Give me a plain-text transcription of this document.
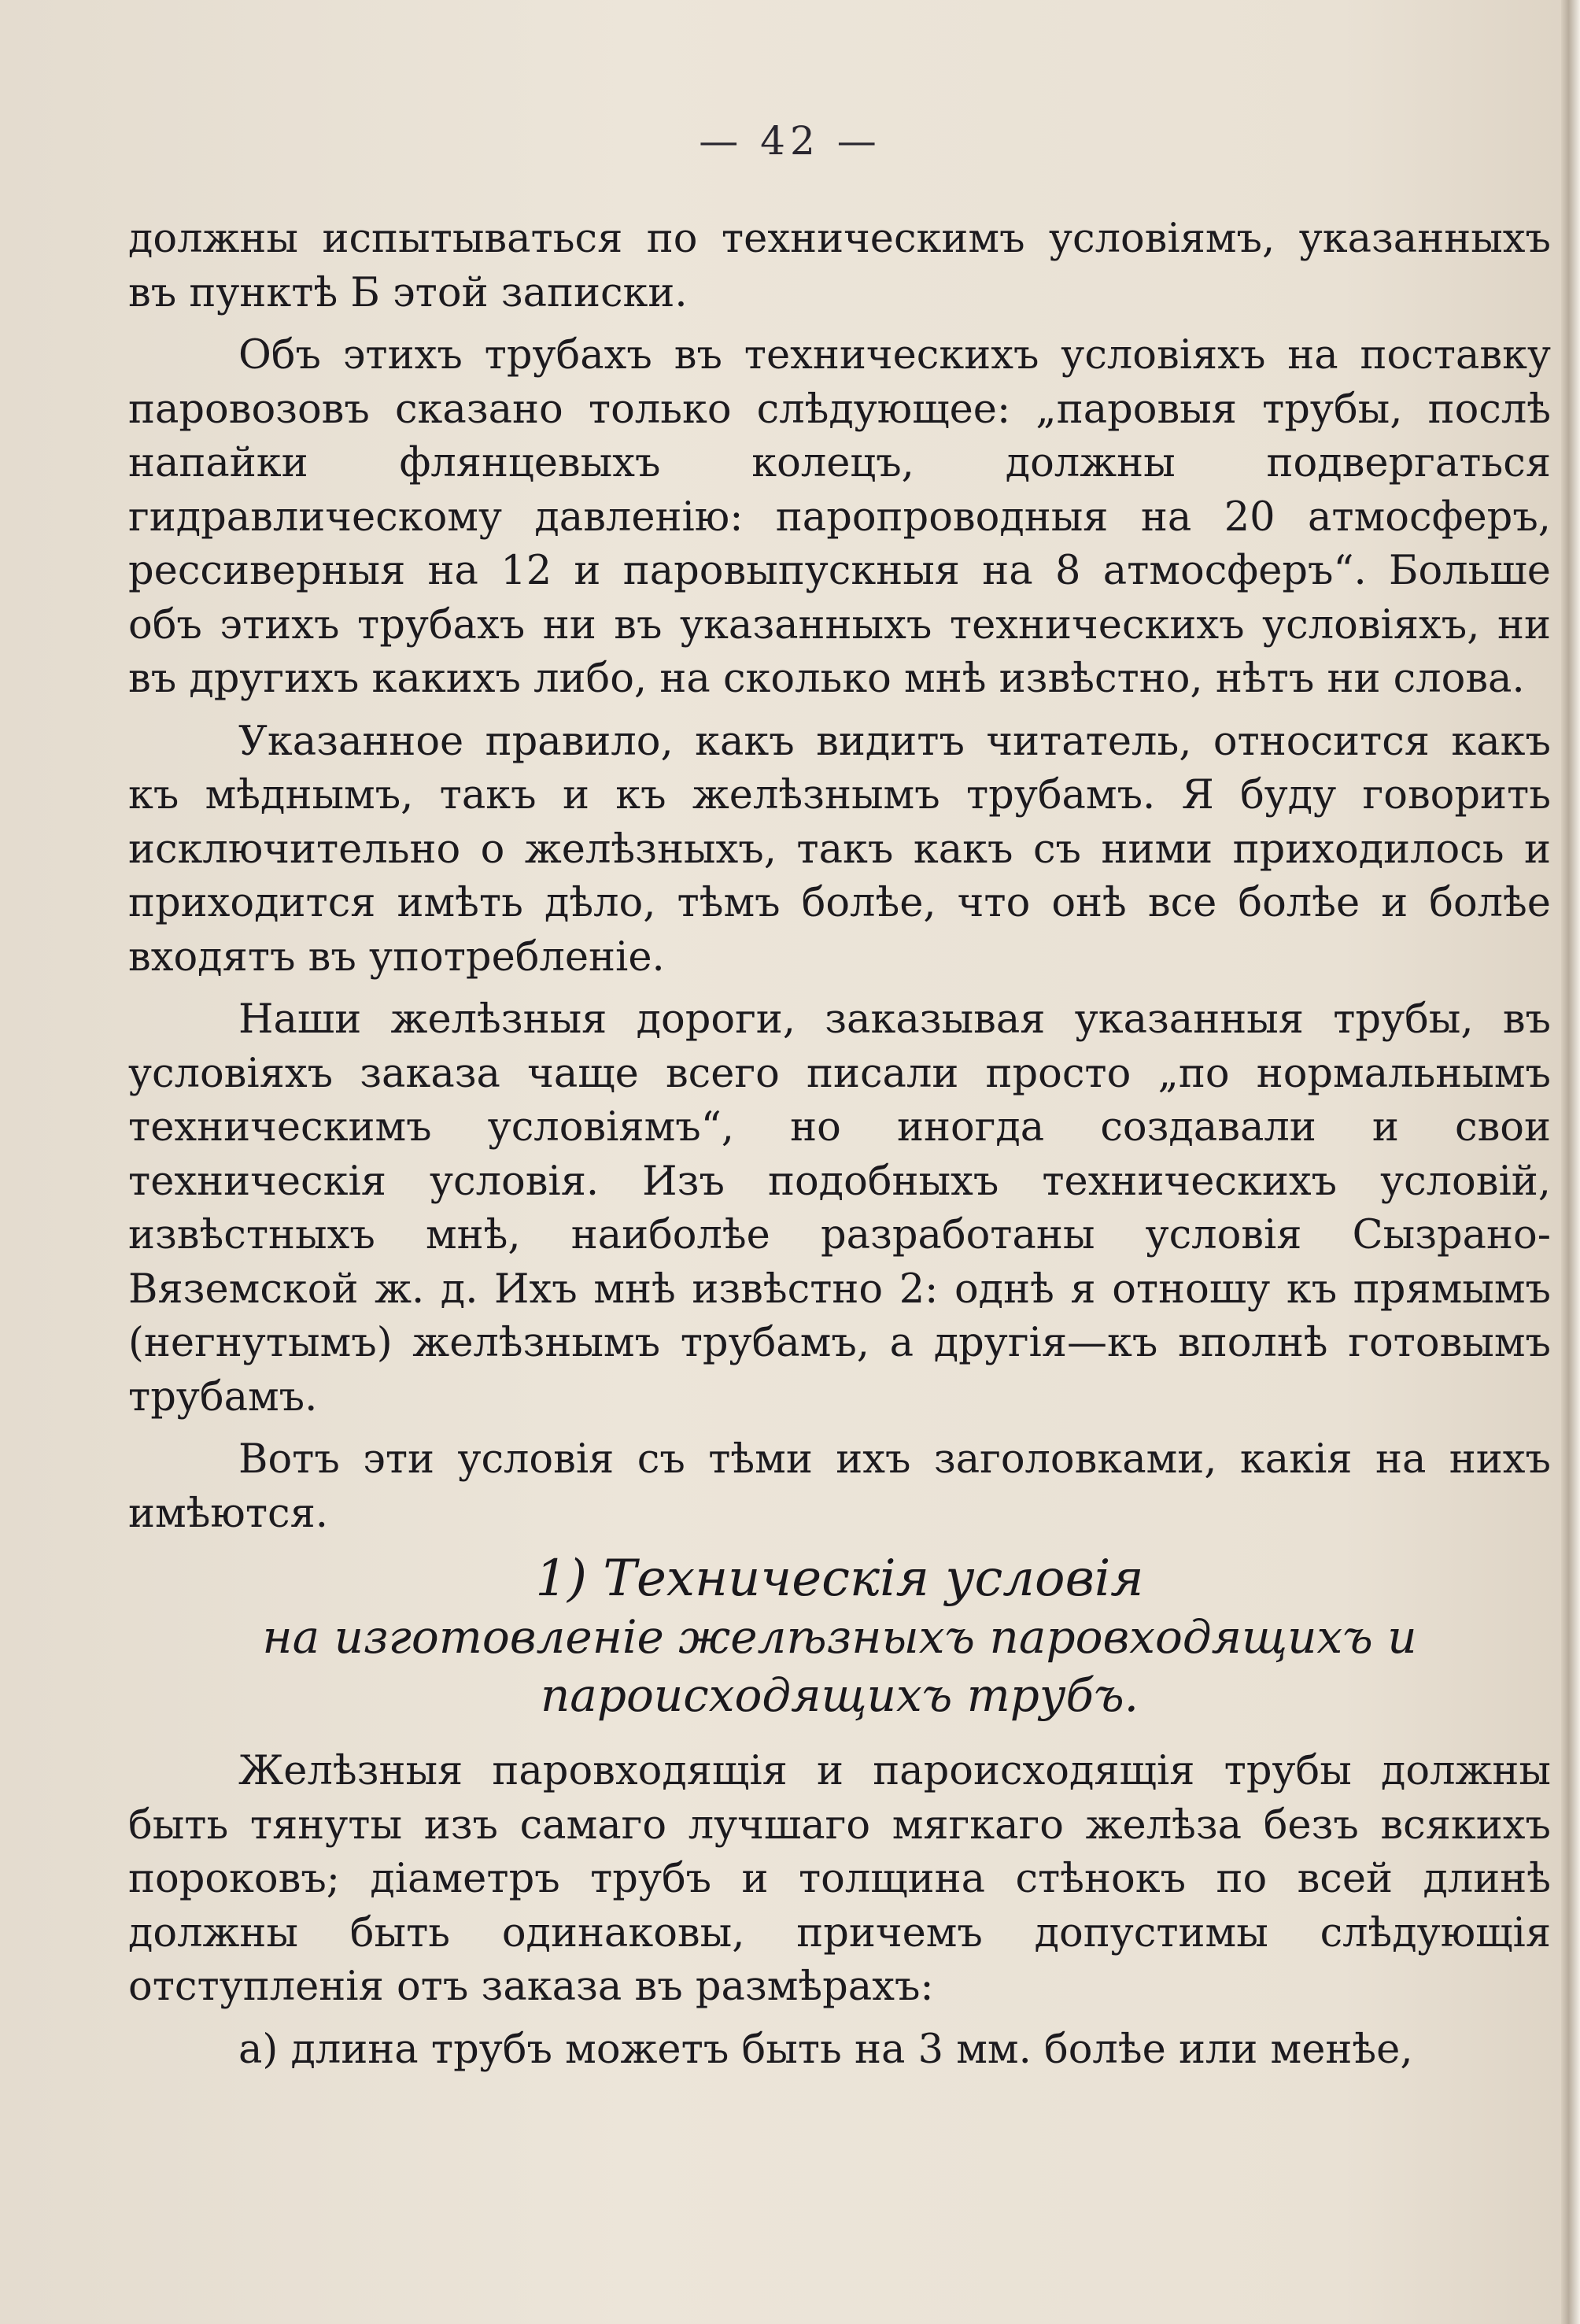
— 42 —

должны испытываться по техническимъ условіямъ, указанныхъ въ пунктѣ Б этой записки.

Объ этихъ трубахъ въ техническихъ условіяхъ на поставку паровозовъ сказано только слѣдующее: „паровыя трубы, послѣ напайки флянцевыхъ колецъ, должны подвергаться гидравлическому давленію: паропроводныя на 20 атмосферъ, рессиверныя на 12 и паровыпускныя на 8 атмосферъ“. Больше объ этихъ трубахъ ни въ указанныхъ техническихъ условіяхъ, ни въ другихъ какихъ либо, на сколько мнѣ извѣстно, нѣтъ ни слова.

Указанное правило, какъ видитъ читатель, относится какъ къ мѣднымъ, такъ и къ желѣзнымъ трубамъ. Я буду говорить исключительно о желѣзныхъ, такъ какъ съ ними приходилось и приходится имѣть дѣло, тѣмъ болѣе, что онѣ все болѣе и болѣе входятъ въ употребленіе.

Наши желѣзныя дороги, заказывая указанныя трубы, въ условіяхъ заказа чаще всего писали просто „по нормальнымъ техническимъ условіямъ“, но иногда создавали и свои техническія условія. Изъ подобныхъ техническихъ условій, извѣстныхъ мнѣ, наиболѣе разработаны условія Сызрано-Вяземской ж. д. Ихъ мнѣ извѣстно 2: однѣ я отношу къ прямымъ (негнутымъ) желѣзнымъ трубамъ, а другія—къ вполнѣ готовымъ трубамъ.

Вотъ эти условія съ тѣми ихъ заголовками, какія на нихъ имѣются.

1) Техническія условія
на изготовленіе желѣзныхъ паровходящихъ и пароисходящихъ трубъ.

Желѣзныя паровходящія и пароисходящія трубы должны быть тянуты изъ самаго лучшаго мягкаго желѣза безъ всякихъ пороковъ; діаметръ трубъ и толщина стѣнокъ по всей длинѣ должны быть одинаковы, причемъ допустимы слѣдующія отступленія отъ заказа въ размѣрахъ:

а) длина трубъ можетъ быть на 3 мм. болѣе или менѣе,
